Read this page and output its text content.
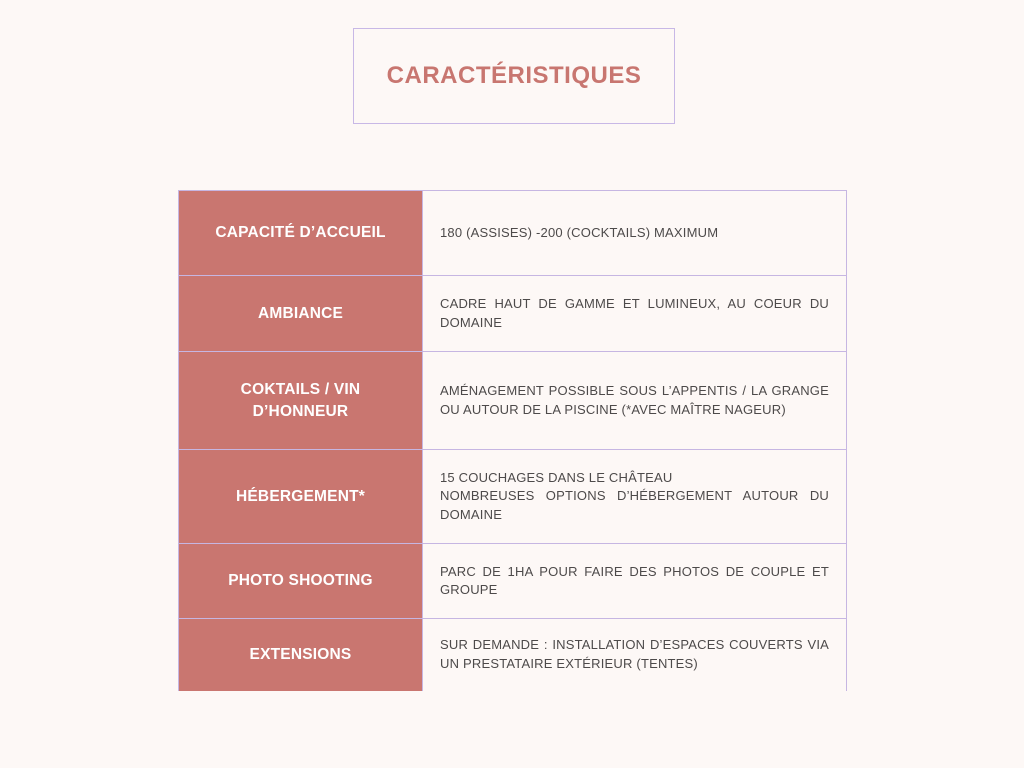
CARACTÉRISTIQUES
CAPACITÉ D’ACCUEIL	180 (ASSISES) -200 (COCKTAILS) MAXIMUM

AMBIANCE	CADRE HAUT DE GAMME ET LUMINEUX, AU COEUR DU DOMAINE

COKTAILS / VIN D’HONNEUR	AMÉNAGEMENT POSSIBLE SOUS L’APPENTIS / LA GRANGE OU AUTOUR DE LA PISCINE (*AVEC MAÎTRE NAGEUR)

HÉBERGEMENT*	15 COUCHAGES DANS LE CHÂTEAU
NOMBREUSES OPTIONS D’HÉBERGEMENT AUTOUR DU DOMAINE

PHOTO SHOOTING	PARC DE 1HA POUR FAIRE DES PHOTOS DE COUPLE ET GROUPE

EXTENSIONS	SUR DEMANDE : INSTALLATION D’ESPACES COUVERTS VIA UN PRESTATAIRE EXTÉRIEUR (TENTES)
